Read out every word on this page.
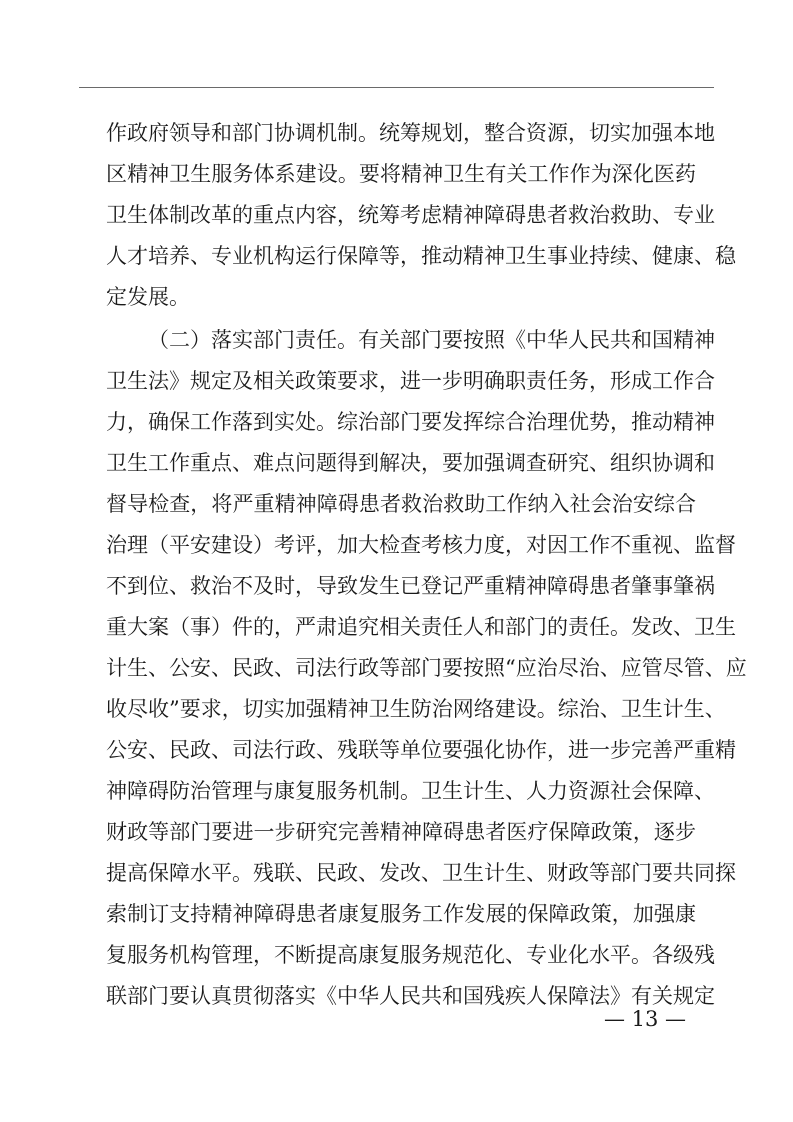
作政府领导和部门协调机制。统筹规划，整合资源，切实加强本地
区精神卫生服务体系建设。要将精神卫生有关工作作为深化医药
卫生体制改革的重点内容，统筹考虑精神障碍患者救治救助、专业
人才培养、专业机构运行保障等，推动精神卫生事业持续、健康、稳
定发展。
（二）落实部门责任。有关部门要按照《中华人民共和国精神
卫生法》规定及相关政策要求，进一步明确职责任务，形成工作合
力，确保工作落到实处。综治部门要发挥综合治理优势，推动精神
卫生工作重点、难点问题得到解决，要加强调查研究、组织协调和
督导检查，将严重精神障碍患者救治救助工作纳入社会治安综合
治理（平安建设）考评，加大检查考核力度，对因工作不重视、监督
不到位、救治不及时，导致发生已登记严重精神障碍患者肇事肇祸
重大案（事）件的，严肃追究相关责任人和部门的责任。发改、卫生
计生、公安、民政、司法行政等部门要按照“应治尽治、应管尽管、应
收尽收”要求，切实加强精神卫生防治网络建设。综治、卫生计生、
公安、民政、司法行政、残联等单位要强化协作，进一步完善严重精
神障碍防治管理与康复服务机制。卫生计生、人力资源社会保障、
财政等部门要进一步研究完善精神障碍患者医疗保障政策，逐步
提高保障水平。残联、民政、发改、卫生计生、财政等部门要共同探
索制订支持精神障碍患者康复服务工作发展的保障政策，加强康
复服务机构管理，不断提高康复服务规范化、专业化水平。各级残
联部门要认真贯彻落实《中华人民共和国残疾人保障法》有关规定
— 13 —
